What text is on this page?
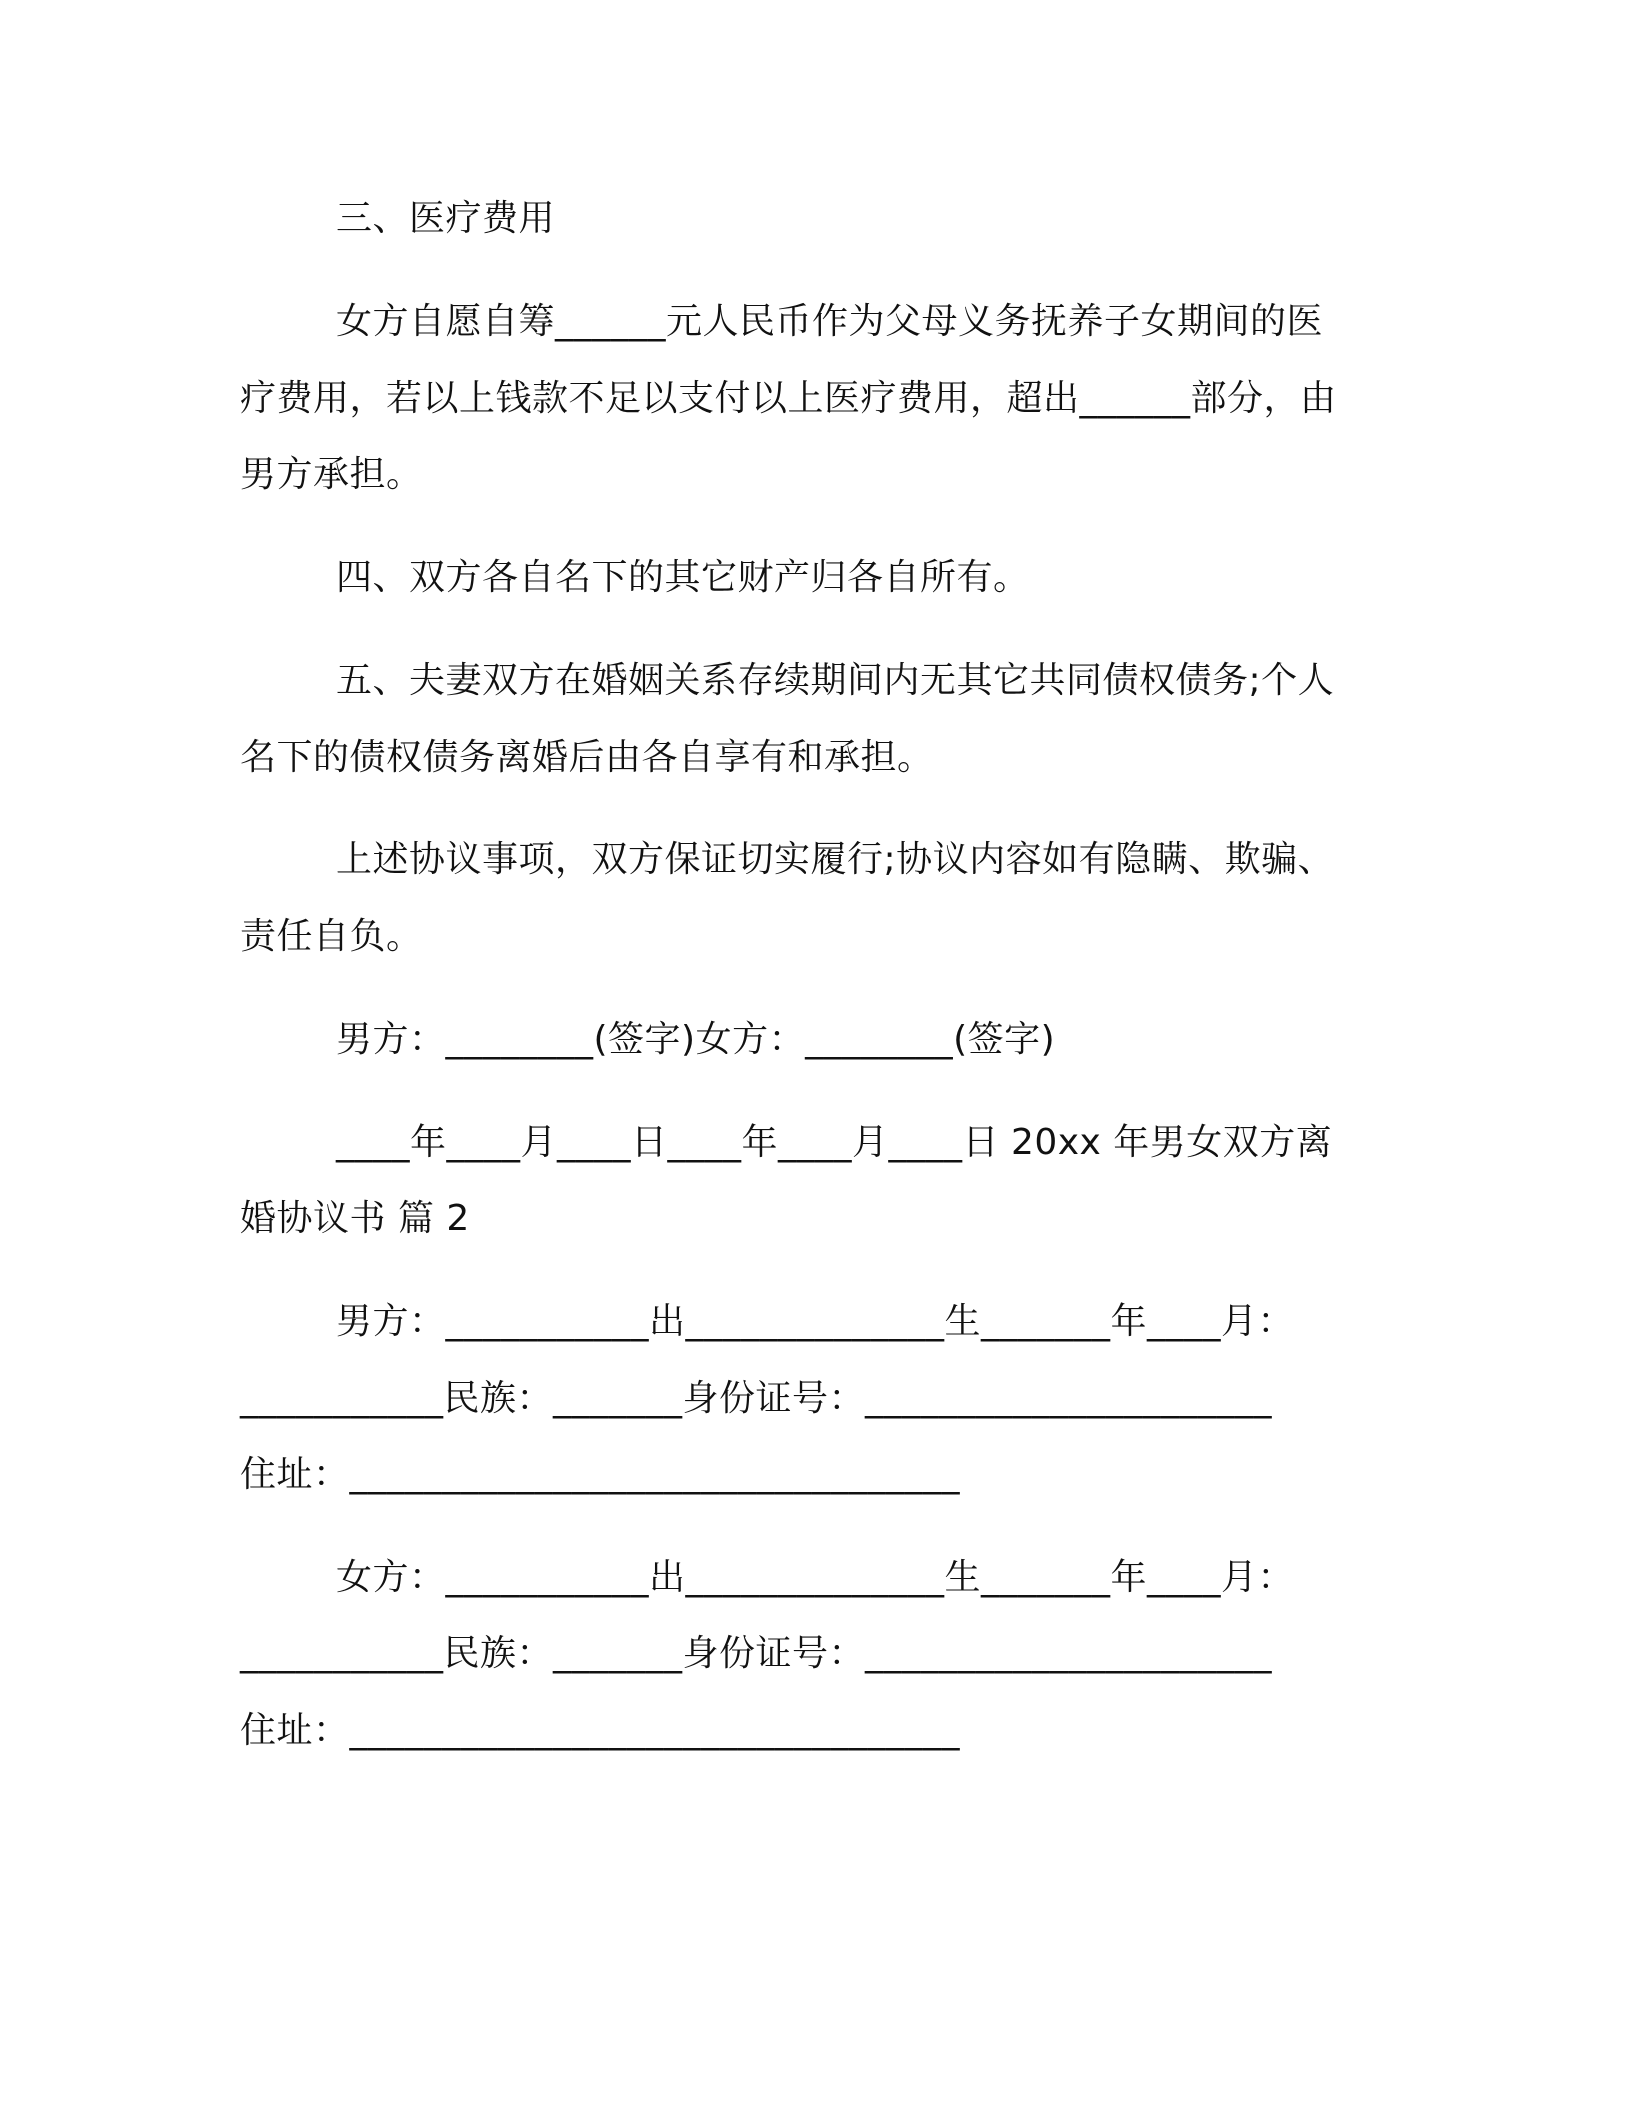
三、医疗费用
女方自愿自筹______元人民币作为父母义务抚养子女期间的医
疗费用，若以上钱款不足以支付以上医疗费用，超出______部分，由
男方承担。
四、双方各自名下的其它财产归各自所有。
五、夫妻双方在婚姻关系存续期间内无其它共同债权债务;个人
名下的债权债务离婚后由各自享有和承担。
上述协议事项，双方保证切实履行;协议内容如有隐瞒、欺骗、
责任自负。
男方：________(签字)女方：________(签字)
____年____月____日____年____月____日 20xx 年男女双方离
婚协议书 篇 2
男方：___________出______________生_______年____月：
___________民族：_______身份证号：______________________
住址：_________________________________
女方：___________出______________生_______年____月：
___________民族：_______身份证号：______________________
住址：_________________________________
